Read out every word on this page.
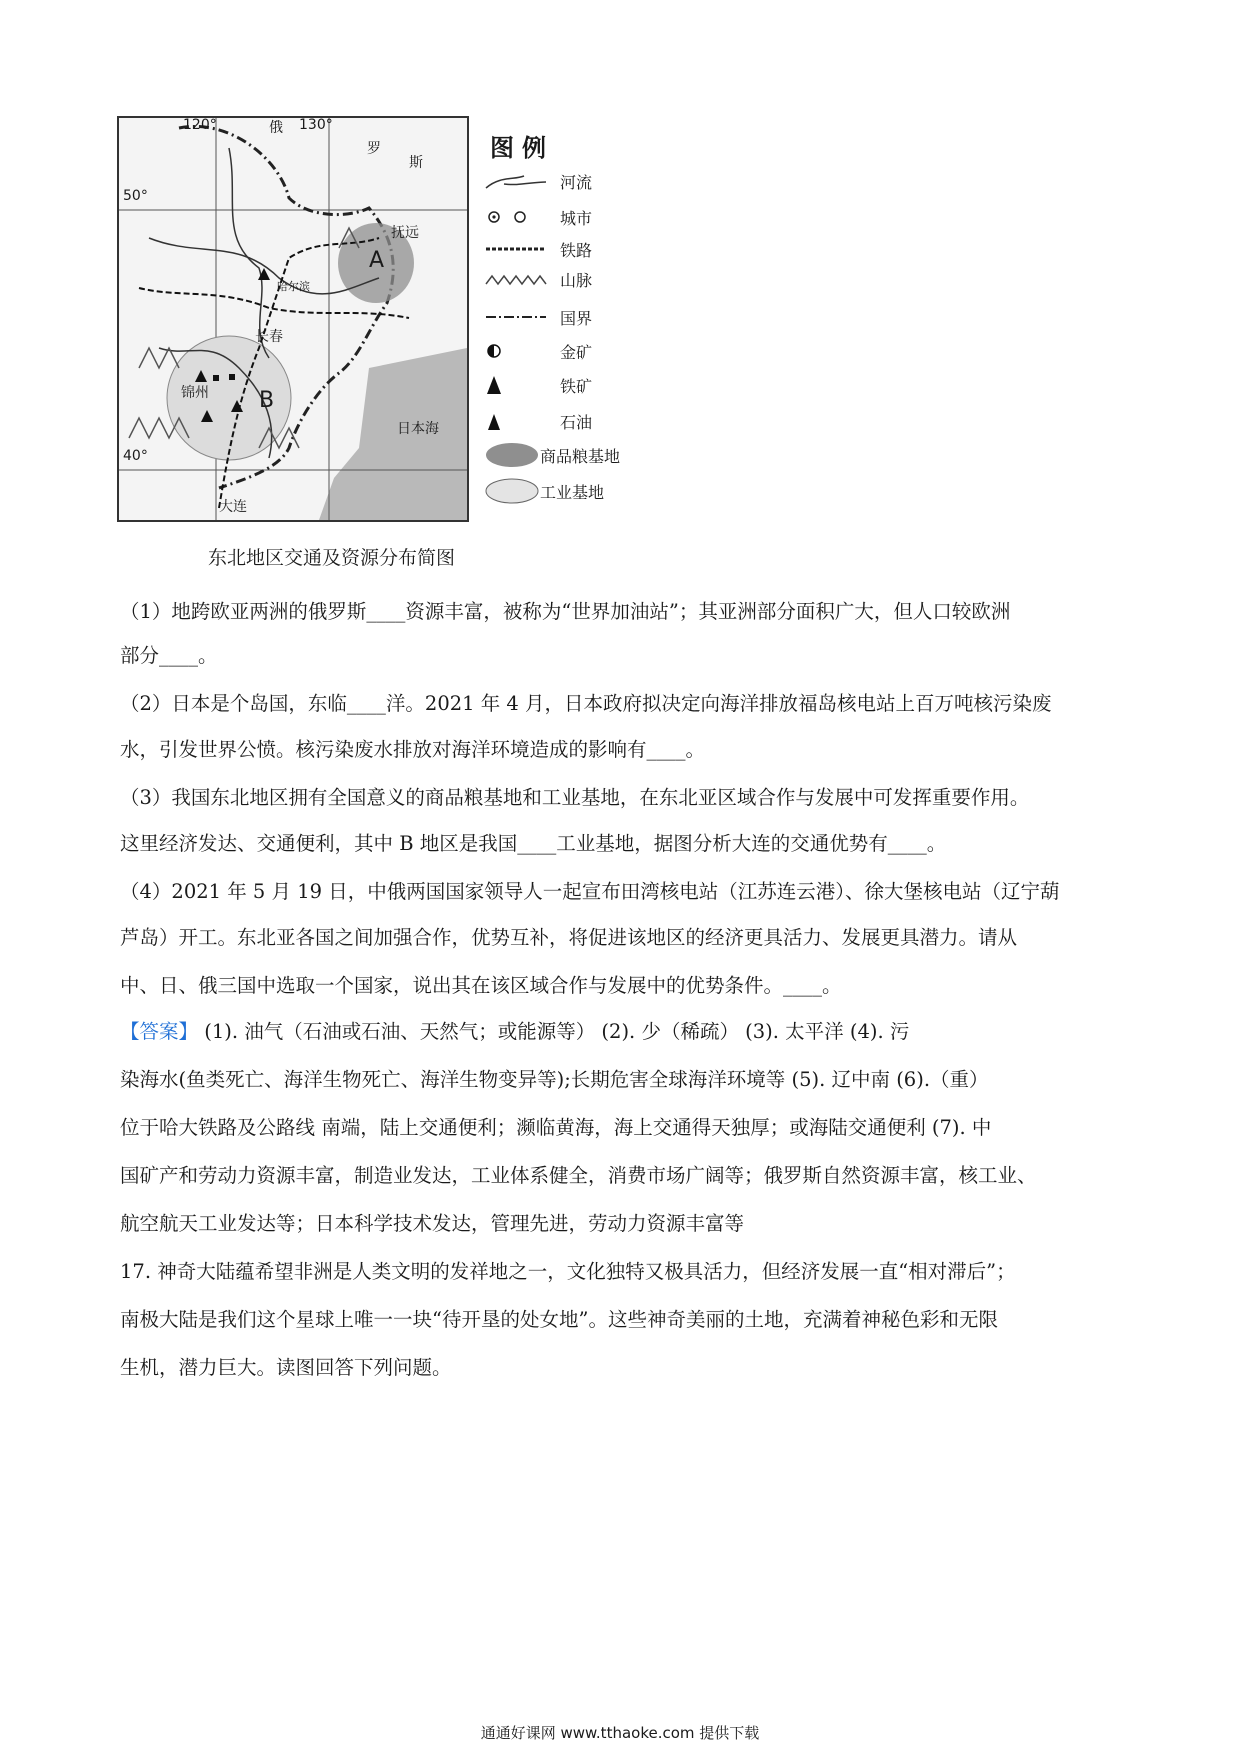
120°	130°
俄
罗
斯
50°
40°
A
B
长春
锦州
大连
抚远
哈尔滨
日本海
图例
河流
城市
铁路
山脉
国界
金矿
铁矿
石油
商品粮基地
工业基地
东北地区交通及资源分布简图

（1）地跨欧亚两洲的俄罗斯____资源丰富，被称为“世界加油站”；其亚洲部分面积广大，但人口较欧洲

部分____。

（2）日本是个岛国，东临____洋。2021 年 4 月，日本政府拟决定向海洋排放福岛核电站上百万吨核污染废

水，引发世界公愤。核污染废水排放对海洋环境造成的影响有____。

（3）我国东北地区拥有全国意义的商品粮基地和工业基地，在东北亚区域合作与发展中可发挥重要作用。

这里经济发达、交通便利，其中 B 地区是我国____工业基地，据图分析大连的交通优势有____。

（4）2021 年 5 月 19 日，中俄两国国家领导人一起宣布田湾核电站（江苏连云港）、徐大堡核电站（辽宁葫

芦岛）开工。东北亚各国之间加强合作，优势互补，将促进该地区的经济更具活力、发展更具潜力。请从

中、日、俄三国中选取一个国家，说出其在该区域合作与发展中的优势条件。____。

【答案】 (1). 油气（石油或石油、天然气；或能源等） (2). 少（稀疏） (3). 太平洋 (4). 污

染海水(鱼类死亡、海洋生物死亡、海洋生物变异等);长期危害全球海洋环境等 (5). 辽中南 (6).（重）

位于哈大铁路及公路线 南端，陆上交通便利；濒临黄海，海上交通得天独厚；或海陆交通便利 (7). 中

国矿产和劳动力资源丰富，制造业发达，工业体系健全，消费市场广阔等；俄罗斯自然资源丰富，核工业、

航空航天工业发达等；日本科学技术发达，管理先进，劳动力资源丰富等

17. 神奇大陆蕴希望非洲是人类文明的发祥地之一，文化独特又极具活力，但经济发展一直“相对滞后”；

南极大陆是我们这个星球上唯一一块“待开垦的处女地”。这些神奇美丽的土地，充满着神秘色彩和无限

生机，潜力巨大。读图回答下列问题。

通通好课网 www.tthaoke.com 提供下载
